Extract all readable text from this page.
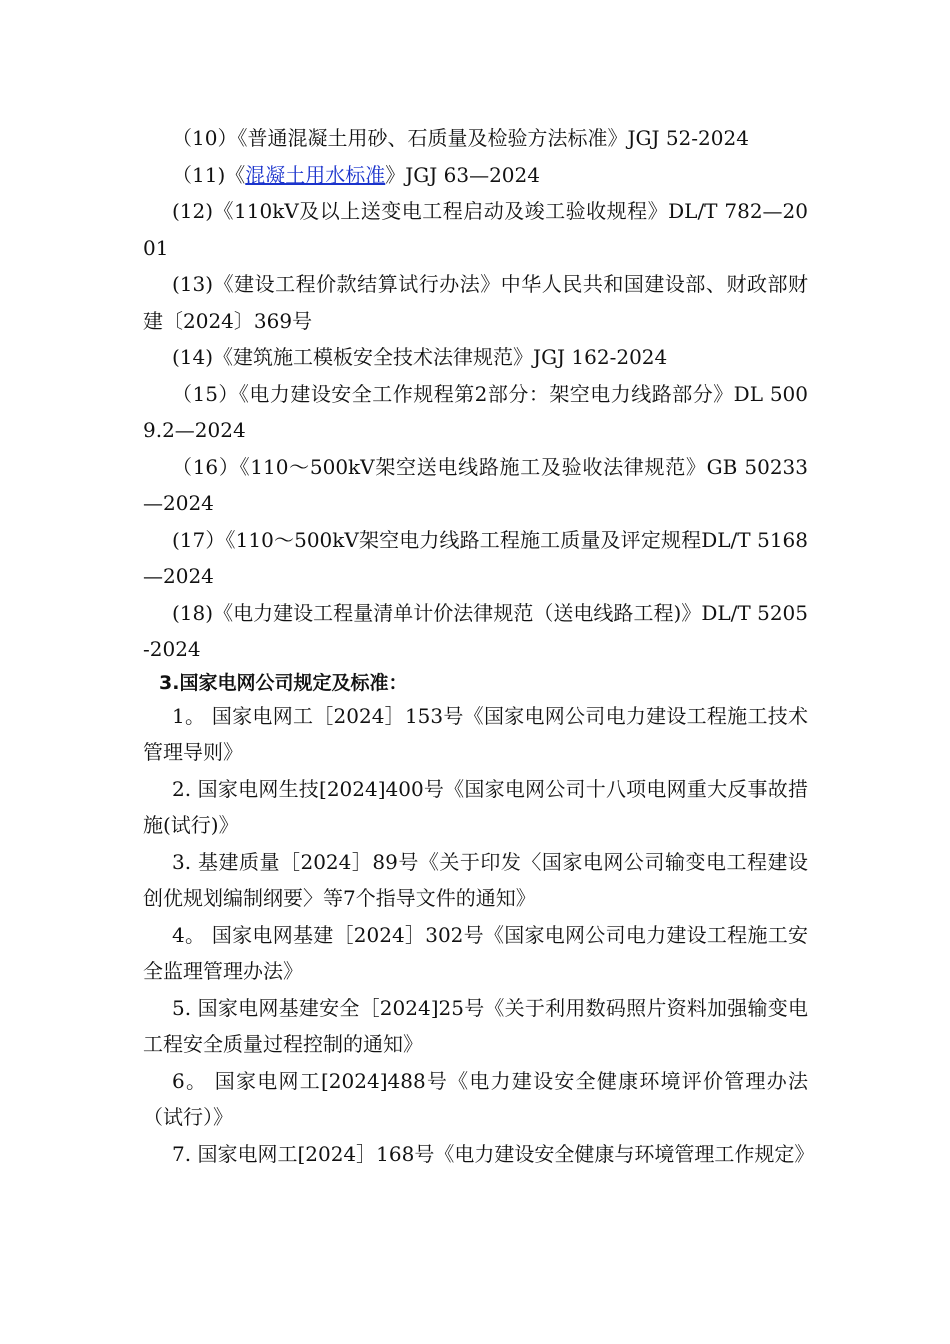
（10）《普通混凝土用砂、石质量及检验方法标准》JGJ 52-2024

（11)《混凝土用水标准》JGJ 63—2024

(12)《110kV及以上送变电工程启动及竣工验收规程》DL/T 782—2001

(13)《建设工程价款结算试行办法》中华人民共和国建设部、财政部财建〔2024〕369号

(14)《建筑施工模板安全技术法律规范》JGJ 162-2024

（15）《电力建设安全工作规程第2部分：架空电力线路部分》DL 5009.2—2024

（16）《110～500kV架空送电线路施工及验收法律规范》GB 50233—2024

(17）《110～500kV架空电力线路工程施工质量及评定规程DL/T 5168—2024

(18)《电力建设工程量清单计价法律规范（送电线路工程)》DL/T 5205-2024

3.国家电网公司规定及标准：

1。 国家电网工［2024］153号《国家电网公司电力建设工程施工技术管理导则》

2. 国家电网生技[2024]400号《国家电网公司十八项电网重大反事故措施(试行)》

3. 基建质量［2024］89号《关于印发〈国家电网公司输变电工程建设创优规划编制纲要〉等7个指导文件的通知》

4。 国家电网基建［2024］302号《国家电网公司电力建设工程施工安全监理管理办法》

5. 国家电网基建安全［2024]25号《关于利用数码照片资料加强输变电工程安全质量过程控制的通知》

6。 国家电网工[2024]488号《电力建设安全健康环境评价管理办法（试行）》

7. 国家电网工[2024］168号《电力建设安全健康与环境管理工作规定》
